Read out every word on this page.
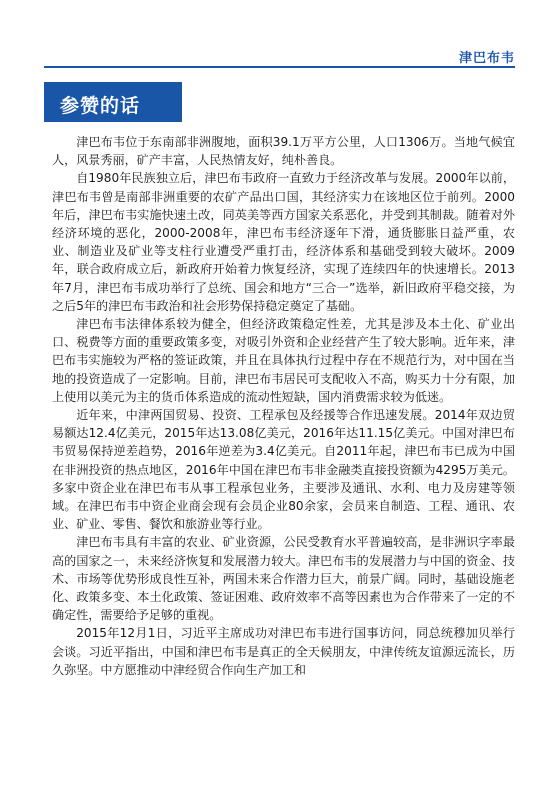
津巴布韦
参赞的话

津巴布韦位于东南部非洲腹地，面积39.1万平方公里，人口1306万。当地气候宜人，风景秀丽，矿产丰富，人民热情友好，纯朴善良。

自1980年民族独立后，津巴布韦政府一直致力于经济改革与发展。2000年以前，津巴布韦曾是南部非洲重要的农矿产品出口国，其经济实力在该地区位于前列。2000年后，津巴布韦实施快速土改，同英美等西方国家关系恶化，并受到其制裁。随着对外经济环境的恶化，2000-2008年，津巴布韦经济逐年下滑，通货膨胀日益严重，农业、制造业及矿业等支柱行业遭受严重打击，经济体系和基础受到较大破坏。2009年，联合政府成立后，新政府开始着力恢复经济，实现了连续四年的快速增长。2013年7月，津巴布韦成功举行了总统、国会和地方“三合一”选举，新旧政府平稳交接，为之后5年的津巴布韦政治和社会形势保持稳定奠定了基础。

津巴布韦法律体系较为健全，但经济政策稳定性差，尤其是涉及本土化、矿业出口、税费等方面的重要政策多变，对吸引外资和企业经营产生了较大影响。近年来，津巴布韦实施较为严格的签证政策，并且在具体执行过程中存在不规范行为，对中国在当地的投资造成了一定影响。目前，津巴布韦居民可支配收入不高，购买力十分有限，加上使用以美元为主的货币体系造成的流动性短缺，国内消费需求较为低迷。

近年来，中津两国贸易、投资、工程承包及经援等合作迅速发展。2014年双边贸易额达12.4亿美元，2015年达13.08亿美元，2016年达11.15亿美元。中国对津巴布韦贸易保持逆差趋势，2016年逆差为3.4亿美元。自2011年起，津巴布韦已成为中国在非洲投资的热点地区，2016年中国在津巴布韦非金融类直接投资额为4295万美元。多家中资企业在津巴布韦从事工程承包业务，主要涉及通讯、水利、电力及房建等领域。在津巴布韦中资企业商会现有会员企业80余家，会员来自制造、工程、通讯、农业、矿业、零售、餐饮和旅游业等行业。

津巴布韦具有丰富的农业、矿业资源，公民受教育水平普遍较高，是非洲识字率最高的国家之一，未来经济恢复和发展潜力较大。津巴布韦的发展潜力与中国的资金、技术、市场等优势形成良性互补，两国未来合作潜力巨大，前景广阔。同时，基础设施老化、政策多变、本土化政策、签证困难、政府效率不高等因素也为合作带来了一定的不确定性，需要给予足够的重视。

2015年12月1日，习近平主席成功对津巴布韦进行国事访问，同总统穆加贝举行会谈。习近平指出，中国和津巴布韦是真正的全天候朋友，中津传统友谊源远流长，历久弥坚。中方愿推动中津经贸合作向生产加工和
